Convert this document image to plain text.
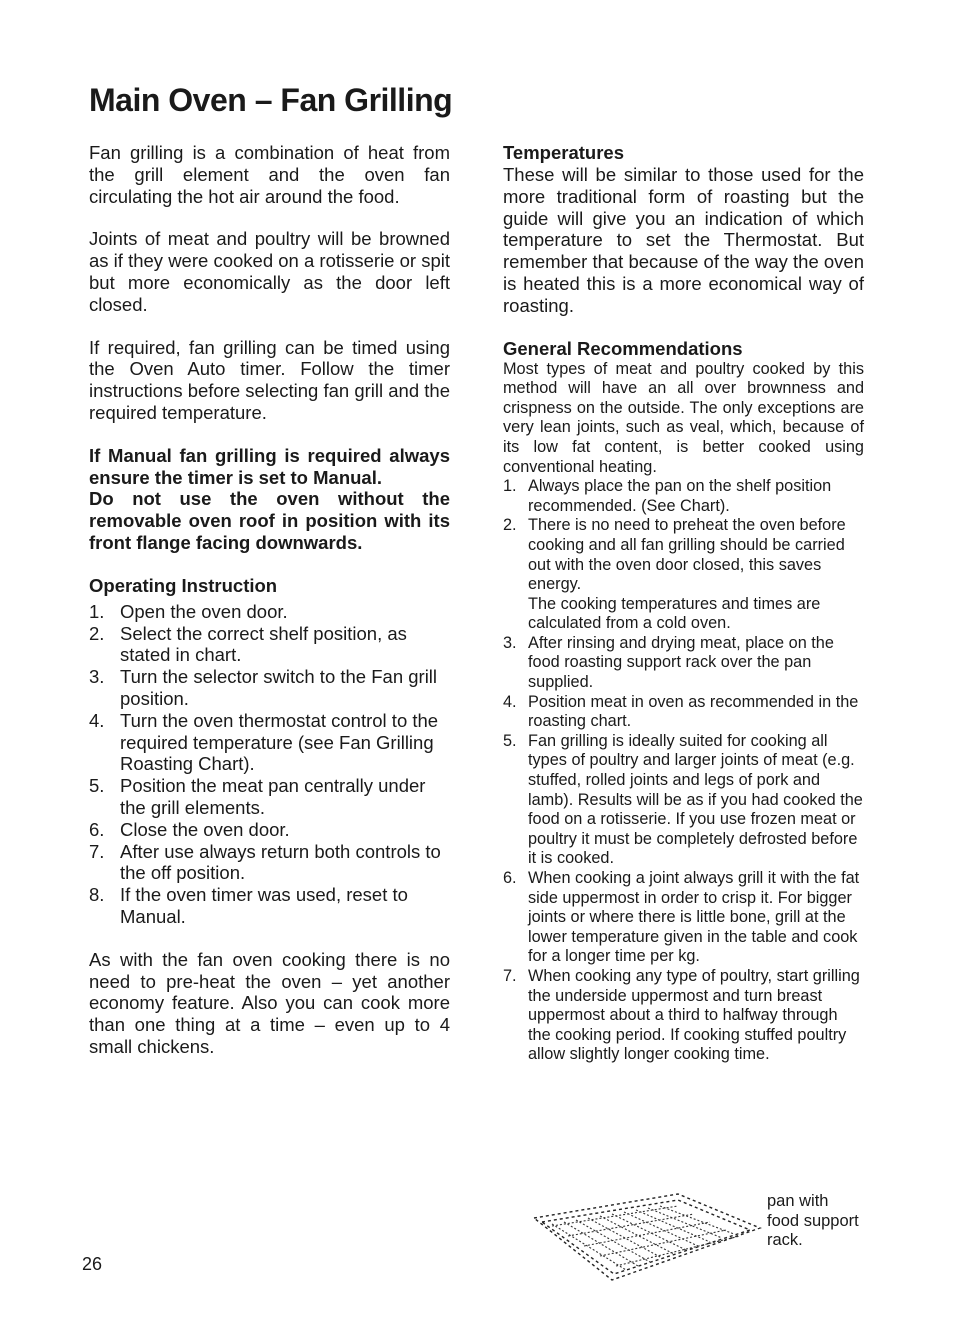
Main Oven – Fan Grilling

Fan grilling is a combination of heat from the grill element and the oven fan circulating the hot air around the food.

Joints of meat and poultry will be browned as if they were cooked on a rotisserie or spit but more economically as the door left closed.

If required, fan grilling can be timed using the Oven Auto timer. Follow the timer instructions before selecting fan grill and the required temperature.

If Manual fan grilling is required always ensure the timer is set to Manual.

Do not use the oven without the removable oven roof in position with its front flange facing downwards.

Operating Instruction
1. Open the oven door.
2. Select the correct shelf position, as stated in chart.
3. Turn the selector switch to the Fan grill position.
4. Turn the oven thermostat control to the required temperature (see Fan Grilling Roasting Chart).
5. Position the meat pan centrally under the grill elements.
6. Close the oven door.
7. After use always return both controls to the off position.
8. If the oven timer was used, reset to Manual.

As with the fan oven cooking there is no need to pre-heat the oven – yet another economy feature. Also you can cook more than one thing at a time – even up to 4 small chickens.

Temperatures

These will be similar to those used for the more traditional form of roasting but the guide will give you an indication of which temperature to set the Thermostat. But remember that because of the way the oven is heated this is a more economical way of roasting.

General Recommendations

Most types of meat and poultry cooked by this method will have an all over brownness and crispness on the outside. The only exceptions are very lean joints, such as veal, which, because of its low fat content, is better cooked using conventional heating.

1. Always place the pan on the shelf position recommended. (See Chart).
2. There is no need to preheat the oven before cooking and all fan grilling should be carried out with the oven door closed, this saves energy.
The cooking temperatures and times are calculated from a cold oven.
3. After rinsing and drying meat, place on the food roasting support rack over the pan supplied.
4. Position meat in oven as recommended in the roasting chart.
5. Fan grilling is ideally suited for cooking all types of poultry and larger joints of meat (e.g. stuffed, rolled joints and legs of pork and lamb). Results will be as if you had cooked the food on a rotisserie. If you use frozen meat or poultry it must be completely defrosted before it is cooked.
6. When cooking a joint always grill it with the fat side uppermost in order to crisp it. For bigger joints or where there is little bone, grill at the lower temperature given in the table and cook for a longer time per kg.
7. When cooking any type of poultry, start grilling the underside uppermost and turn breast uppermost about a third to halfway through the cooking period. If cooking stuffed poultry allow slightly longer cooking time.
pan with
food support
rack.
26
